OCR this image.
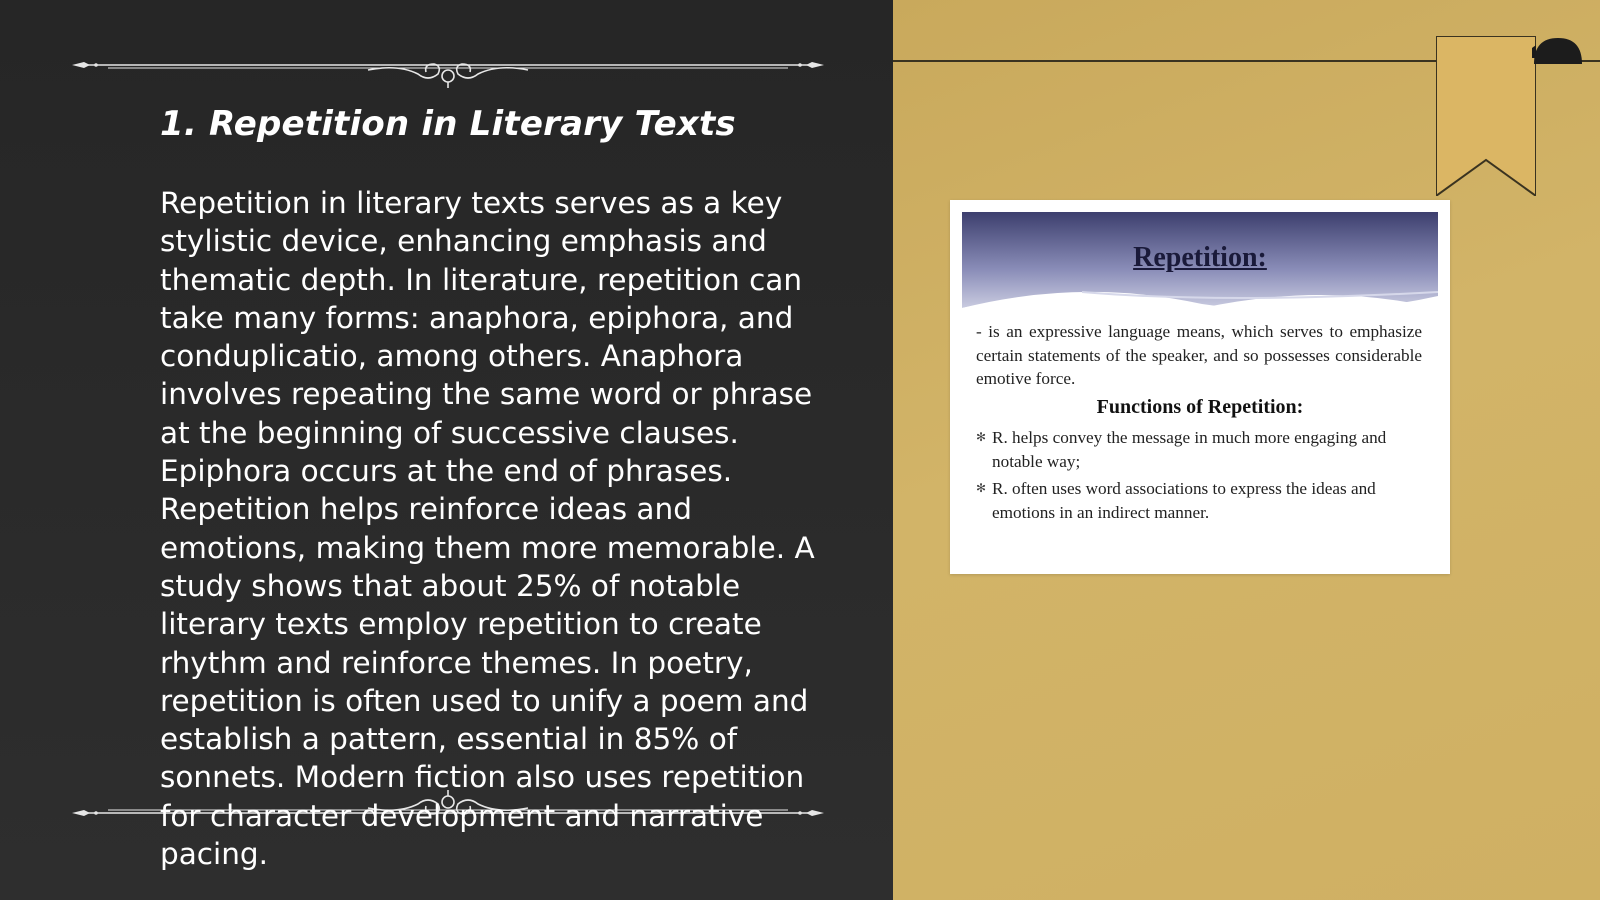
1. Repetition in Literary Texts

Repetition in literary texts serves as a key stylistic device, enhancing emphasis and thematic depth. In literature, repetition can take many forms: anaphora, epiphora, and conduplicatio, among others. Anaphora involves repeating the same word or phrase at the beginning of successive clauses. Epiphora occurs at the end of phrases. Repetition helps reinforce ideas and emotions, making them more memorable. A study shows that about 25% of notable literary texts employ repetition to create rhythm and reinforce themes. In poetry, repetition is often used to unify a poem and establish a pattern, essential in 85% of sonnets. Modern fiction also uses repetition for character development and narrative pacing.

Repetition:

- is an expressive language means, which serves to emphasize certain statements of the speaker, and so possesses considerable emotive force.

Functions of Repetition:
✻ R. helps convey the message in much more engaging and notable way;
✻ R. often uses word associations to express the ideas and emotions in an indirect manner.
